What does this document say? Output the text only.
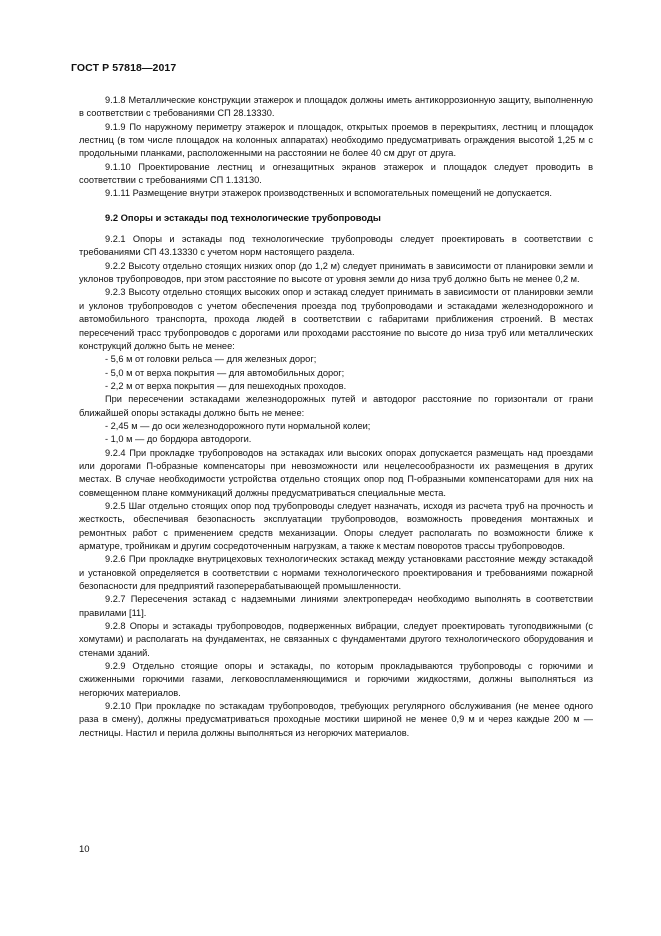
ГОСТ Р 57818—2017

9.1.8 Металлические конструкции этажерок и площадок должны иметь антикоррозионную защиту, выполненную в соответствии с требованиями СП 28.13330.

9.1.9 По наружному периметру этажерок и площадок, открытых проемов в перекрытиях, лестниц и площадок лестниц (в том числе площадок на колонных аппаратах) необходимо предусматривать ограждения высотой 1,25 м с продольными планками, расположенными на расстоянии не более 40 см друг от друга.

9.1.10 Проектирование лестниц и огнезащитных экранов этажерок и площадок следует проводить в соответствии с требованиями СП 1.13130.

9.1.11 Размещение внутри этажерок производственных и вспомогательных помещений не допускается.

9.2 Опоры и эстакады под технологические трубопроводы

9.2.1 Опоры и эстакады под технологические трубопроводы следует проектировать в соответствии с требованиями СП 43.13330 с учетом норм настоящего раздела.

9.2.2 Высоту отдельно стоящих низких опор (до 1,2 м) следует принимать в зависимости от планировки земли и уклонов трубопроводов, при этом расстояние по высоте от уровня земли до низа труб должно быть не менее 0,2 м.

9.2.3 Высоту отдельно стоящих высоких опор и эстакад следует принимать в зависимости от планировки земли и уклонов трубопроводов с учетом обеспечения проезда под трубопроводами и эстакадами железнодорожного и автомобильного транспорта, прохода людей в соответствии с габаритами приближения строений. В местах пересечений трасс трубопроводов с дорогами или проходами расстояние по высоте до низа труб или металлических конструкций должно быть не менее:

- 5,6 м от головки рельса — для железных дорог;
- 5,0 м от верха покрытия — для автомобильных дорог;
- 2,2 м от верха покрытия — для пешеходных проходов.

При пересечении эстакадами железнодорожных путей и автодорог расстояние по горизонтали от грани ближайшей опоры эстакады должно быть не менее:

- 2,45 м — до оси железнодорожного пути нормальной колеи;
- 1,0 м — до бордюра автодороги.

9.2.4 При прокладке трубопроводов на эстакадах или высоких опорах допускается размещать над проездами или дорогами П-образные компенсаторы при невозможности или нецелесообразности их размещения в других местах. В случае необходимости устройства отдельно стоящих опор под П-образными компенсаторами для них на совмещенном плане коммуникаций должны предусматриваться специальные места.

9.2.5 Шаг отдельно стоящих опор под трубопроводы следует назначать, исходя из расчета труб на прочность и жесткость, обеспечивая безопасность эксплуатации трубопроводов, возможность проведения монтажных и ремонтных работ с применением средств механизации. Опоры следует располагать по возможности ближе к арматуре, тройникам и другим сосредоточенным нагрузкам, а также к местам поворотов трассы трубопроводов.

9.2.6 При прокладке внутрицеховых технологических эстакад между установками расстояние между эстакадой и установкой определяется в соответствии с нормами технологического проектирования и требованиями пожарной безопасности для предприятий газоперерабатывающей промышленности.

9.2.7 Пересечения эстакад с надземными линиями электропередач необходимо выполнять в соответствии правилами [11].

9.2.8 Опоры и эстакады трубопроводов, подверженных вибрации, следует проектировать тугоподвижными (с хомутами) и располагать на фундаментах, не связанных с фундаментами другого технологического оборудования и стенами зданий.

9.2.9 Отдельно стоящие опоры и эстакады, по которым прокладываются трубопроводы с горючими и сжиженными горючими газами, легковоспламеняющимися и горючими жидкостями, должны выполняться из негорючих материалов.

9.2.10 При прокладке по эстакадам трубопроводов, требующих регулярного обслуживания (не менее одного раза в смену), должны предусматриваться проходные мостики шириной не менее 0,9 м и через каждые 200 м — лестницы. Настил и перила должны выполняться из негорючих материалов.

10
